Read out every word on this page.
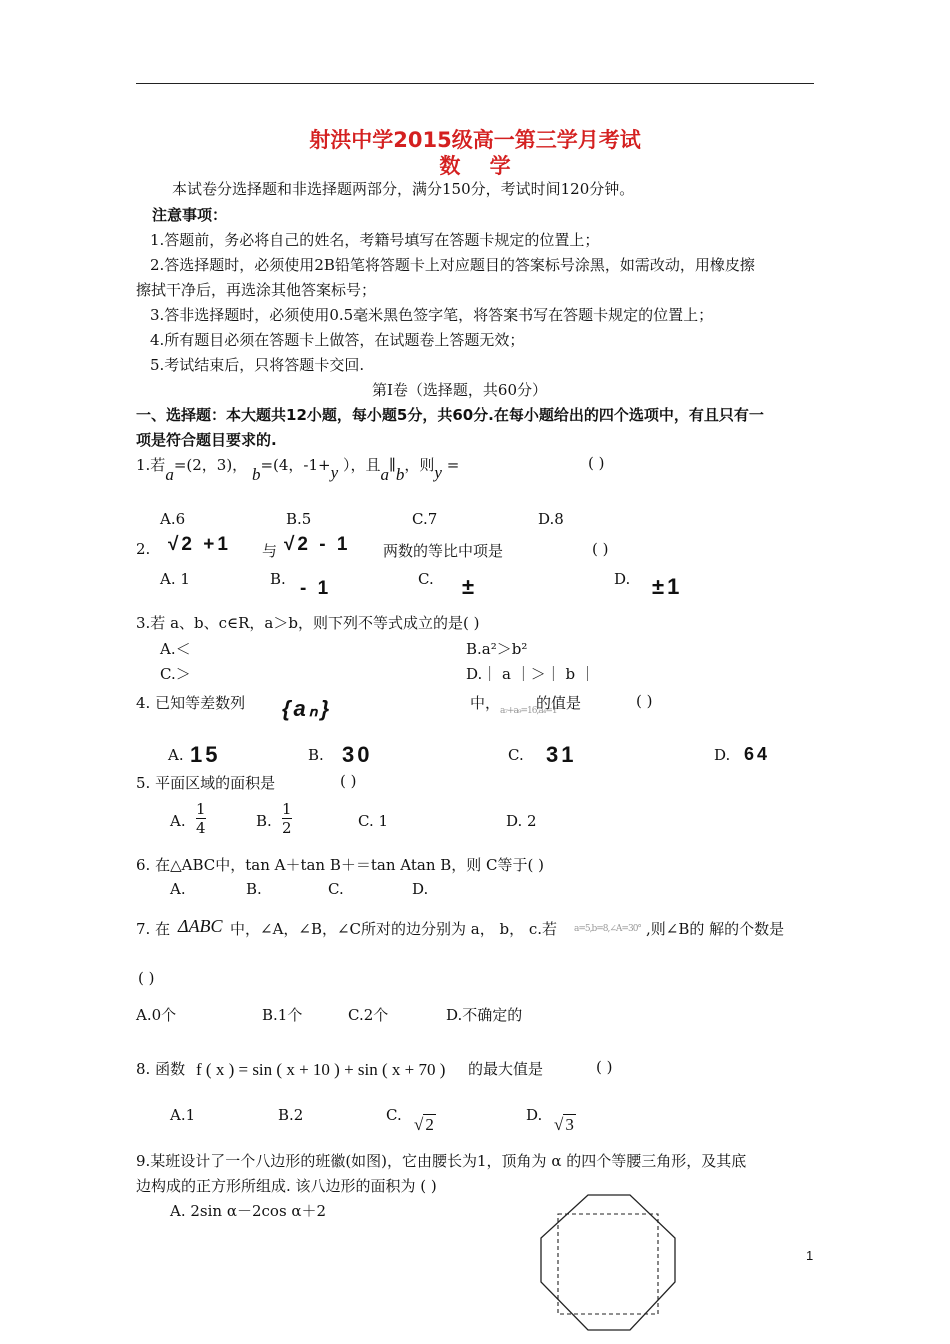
射洪中学2015级高一第三学月考试
数    学
本试卷分选择题和非选择题两部分，满分150分，考试时间120分钟。
注意事项：
1.答题前，务必将自己的姓名，考籍号填写在答题卡规定的位置上；
2.答选择题时，必须使用2B铅笔将答题卡上对应题目的答案标号涂黑，如需改动，用橡皮擦
擦拭干净后，再选涂其他答案标号；
3.答非选择题时，必须使用0.5毫米黑色签字笔，将答案书写在答题卡规定的位置上；
4.所有题目必须在答题卡上做答，在试题卷上答题无效；
5.考试结束后，只将答题卡交回.
第Ⅰ卷（选择题，共60分）
一、选择题：本大题共12小题，每小题5分，共60分.在每小题给出的四个选项中，有且只有一
项是符合题目要求的.
1.若a=(2，3)， b=(4，-1+y ），且a∥b，则y =	( )
A.6	B.5	C.7	D.8
2. √2 +1 与 √2 - 1 两数的等比中项是	( )
A. 1	B. - 1	C. ±	D. ±1
3.若 a、b、c∈R，a＞b，则下列不等式成立的是( )
A.＜	B.a²＞b²
C.＞	D.｜ a ｜＞｜ b ｜
4. 已知等差数列 {aₙ}	中， a₇+a₉=16,a₄=1
的值是	( )
A. 15	B. 30	C. 31	D. 64
5. 平面区域的面积是	( )
A. $\frac{1}{4}$	B. $\frac{1}{2}$	C. 1	D. 2
6. 在△ABC中，tan A＋tan B＋＝tan Atan B，则 C等于( )
A.	B.	C.	D.
7. 在 ΔABC 中，∠A，∠B，∠C所对的边分别为 a， b， c.若 a=5,b=8,∠A=30° ,则∠B的 解的个数是
( )
A.0个	B.1个	C.2个	D.不确定的
8. 函数 f ( x ) = sin ( x + 10 ) + sin ( x + 70 ) 的最大值是	( )
A.1	B.2	C. √ 2	D. √ 3
9.某班设计了一个八边形的班徽(如图)，它由腰长为1，顶角为 α 的四个等腰三角形，及其底
边构成的正方形所组成. 该八边形的面积为 ( )
A. 2sin α－2cos α＋2
1
